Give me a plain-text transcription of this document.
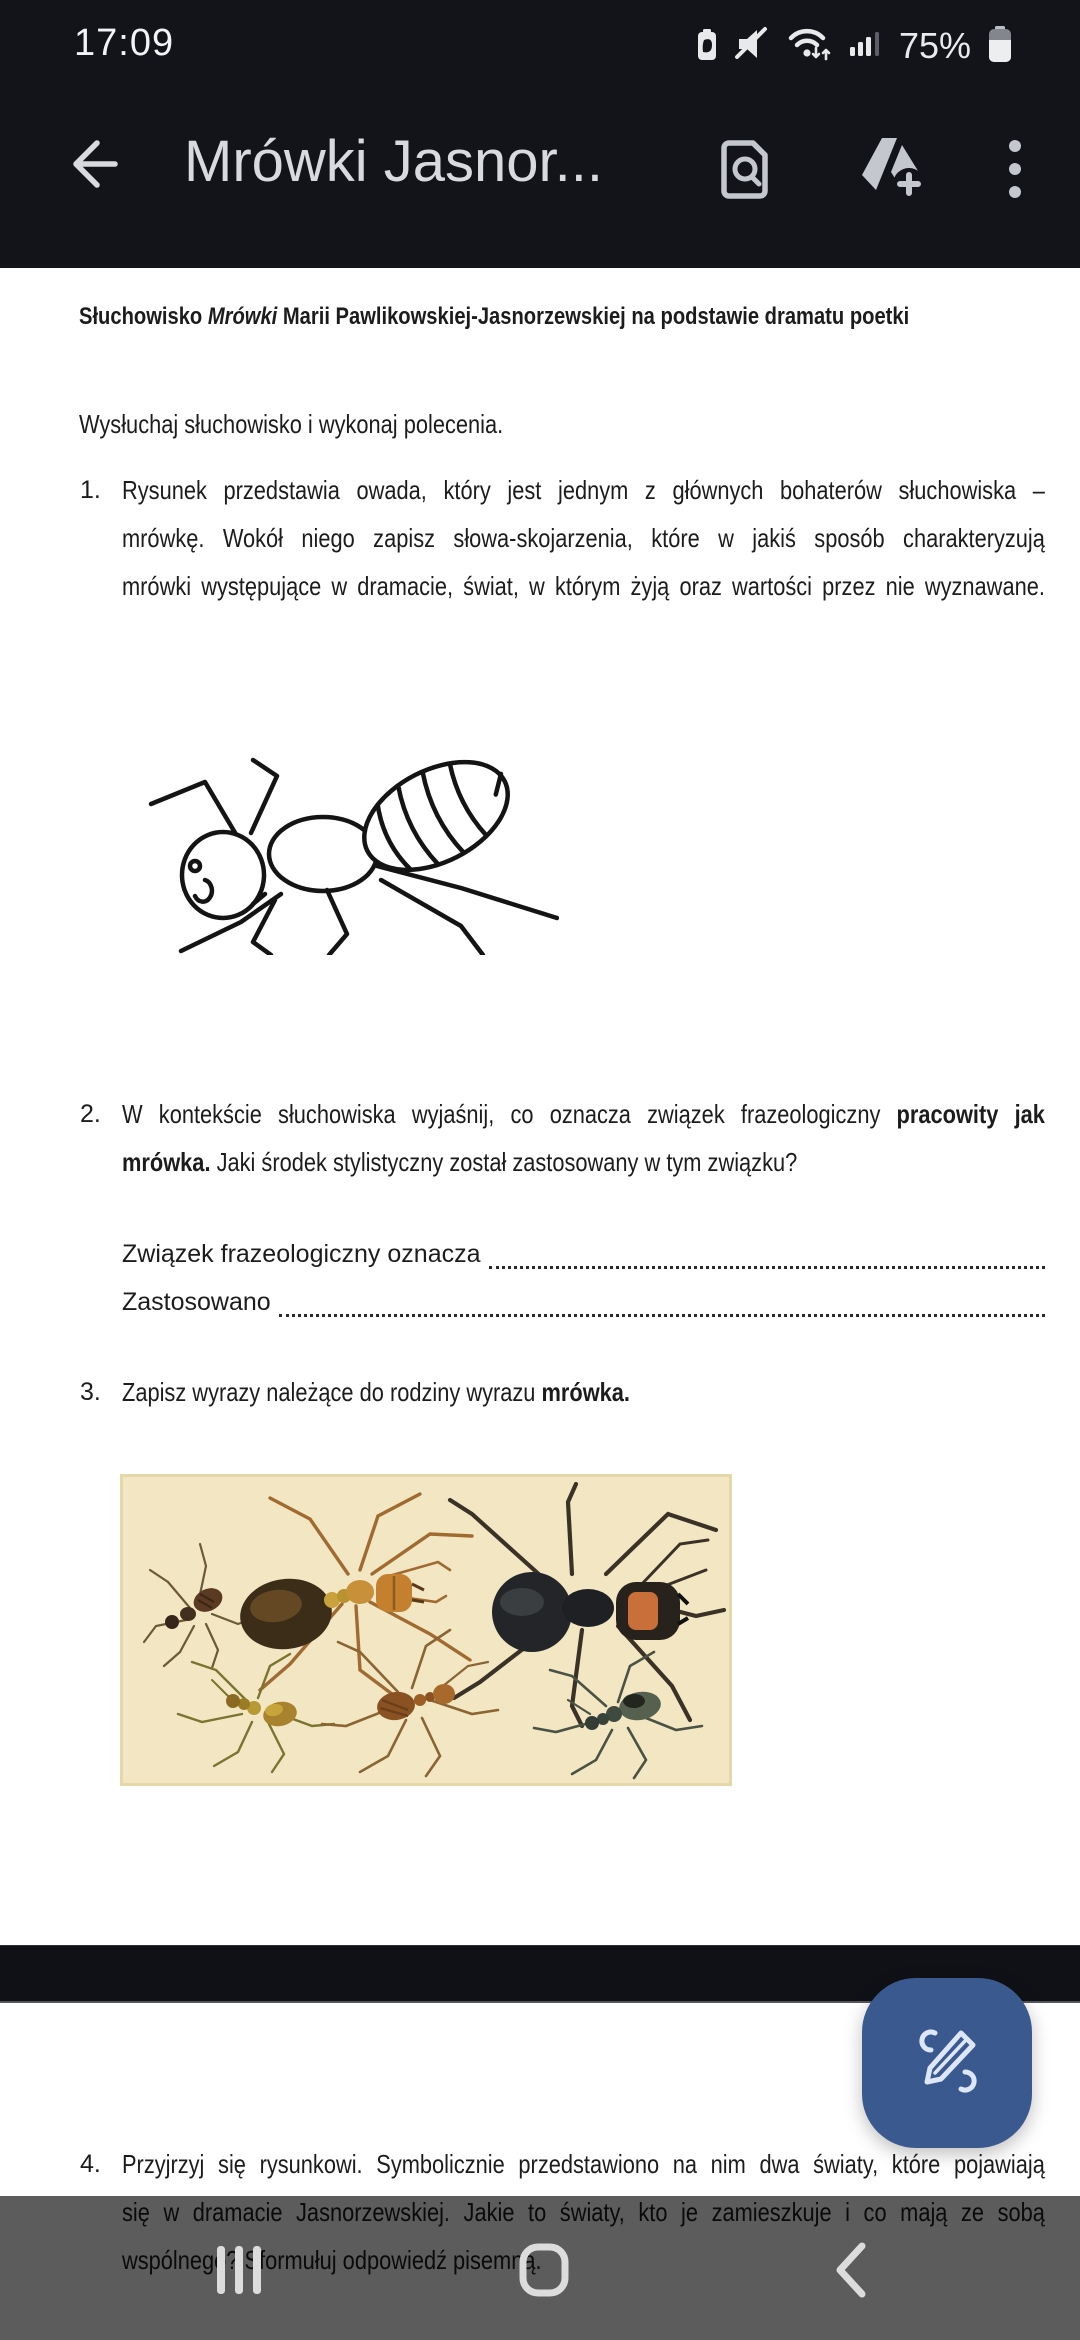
17:09	75%
Mrówki Jasnor...
Słuchowisko Mrówki Marii Pawlikowskiej-Jasnorzewskiej na podstawie dramatu poetki
Wysłuchaj słuchowisko i wykonaj polecenia.
1. Rysunek przedstawia owada, który jest jednym z głównych bohaterów słuchowiska –
mrówkę. Wokół niego zapisz słowa-skojarzenia, które w jakiś sposób charakteryzują
mrówki występujące w dramacie, świat, w którym żyją oraz wartości przez nie wyznawane.
2. W kontekście słuchowiska wyjaśnij, co oznacza związek frazeologiczny pracowity jak
mrówka. Jaki środek stylistyczny został zastosowany w tym związku?
Związek frazeologiczny oznacza
Zastosowano
3. Zapisz wyrazy należące do rodziny wyrazu mrówka.
4. Przyjrzyj się rysunkowi. Symbolicznie przedstawiono na nim dwa światy, które pojawiają
